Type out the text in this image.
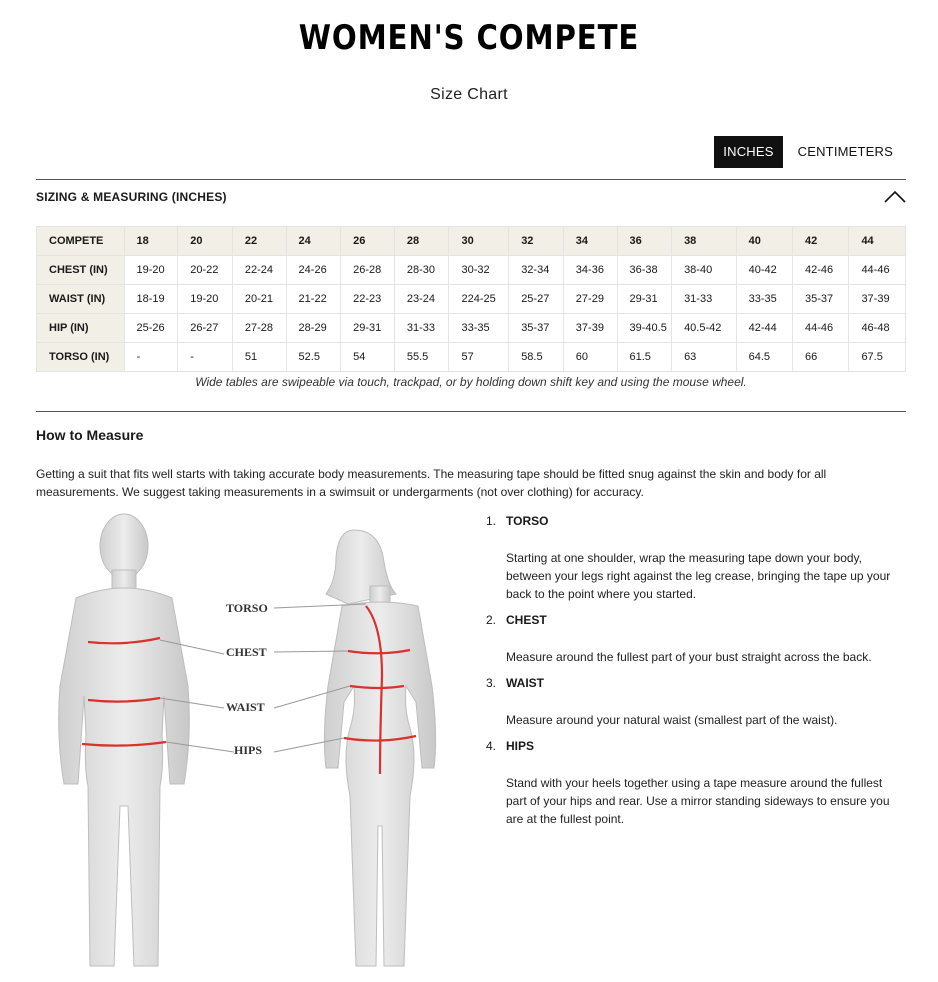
WOMEN'S COMPETE
Size Chart
INCHES	CENTIMETERS
SIZING & MEASURING (INCHES)
COMPETE	18	20	22	24	26	28	30	32	34	36	38	40	42	44
CHEST (IN)	19-20	20-22	22-24	24-26	26-28	28-30	30-32	32-34	34-36	36-38	38-40	40-42	42-46	44-46
WAIST (IN)	18-19	19-20	20-21	21-22	22-23	23-24	224-25	25-27	27-29	29-31	31-33	33-35	35-37	37-39
HIP (IN)	25-26	26-27	27-28	28-29	29-31	31-33	33-35	35-37	37-39	39-40.5	40.5-42	42-44	44-46	46-48
TORSO (IN)	-	-	51	52.5	54	55.5	57	58.5	60	61.5	63	64.5	66	67.5
Wide tables are swipeable via touch, trackpad, or by holding down shift key and using the mouse wheel.
How to Measure
Getting a suit that fits well starts with taking accurate body measurements. The measuring tape should be fitted snug against the skin and body for all measurements. We suggest taking measurements in a swimsuit or undergarments (not over clothing) for accuracy.
TORSO
CHEST
WAIST
HIPS
1. TORSO
Starting at one shoulder, wrap the measuring tape down your body, between your legs right against the leg crease, bringing the tape up your back to the point where you started.
2. CHEST
Measure around the fullest part of your bust straight across the back.
3. WAIST
Measure around your natural waist (smallest part of the waist).
4. HIPS
Stand with your heels together using a tape measure around the fullest part of your hips and rear. Use a mirror standing sideways to ensure you are at the fullest point.
